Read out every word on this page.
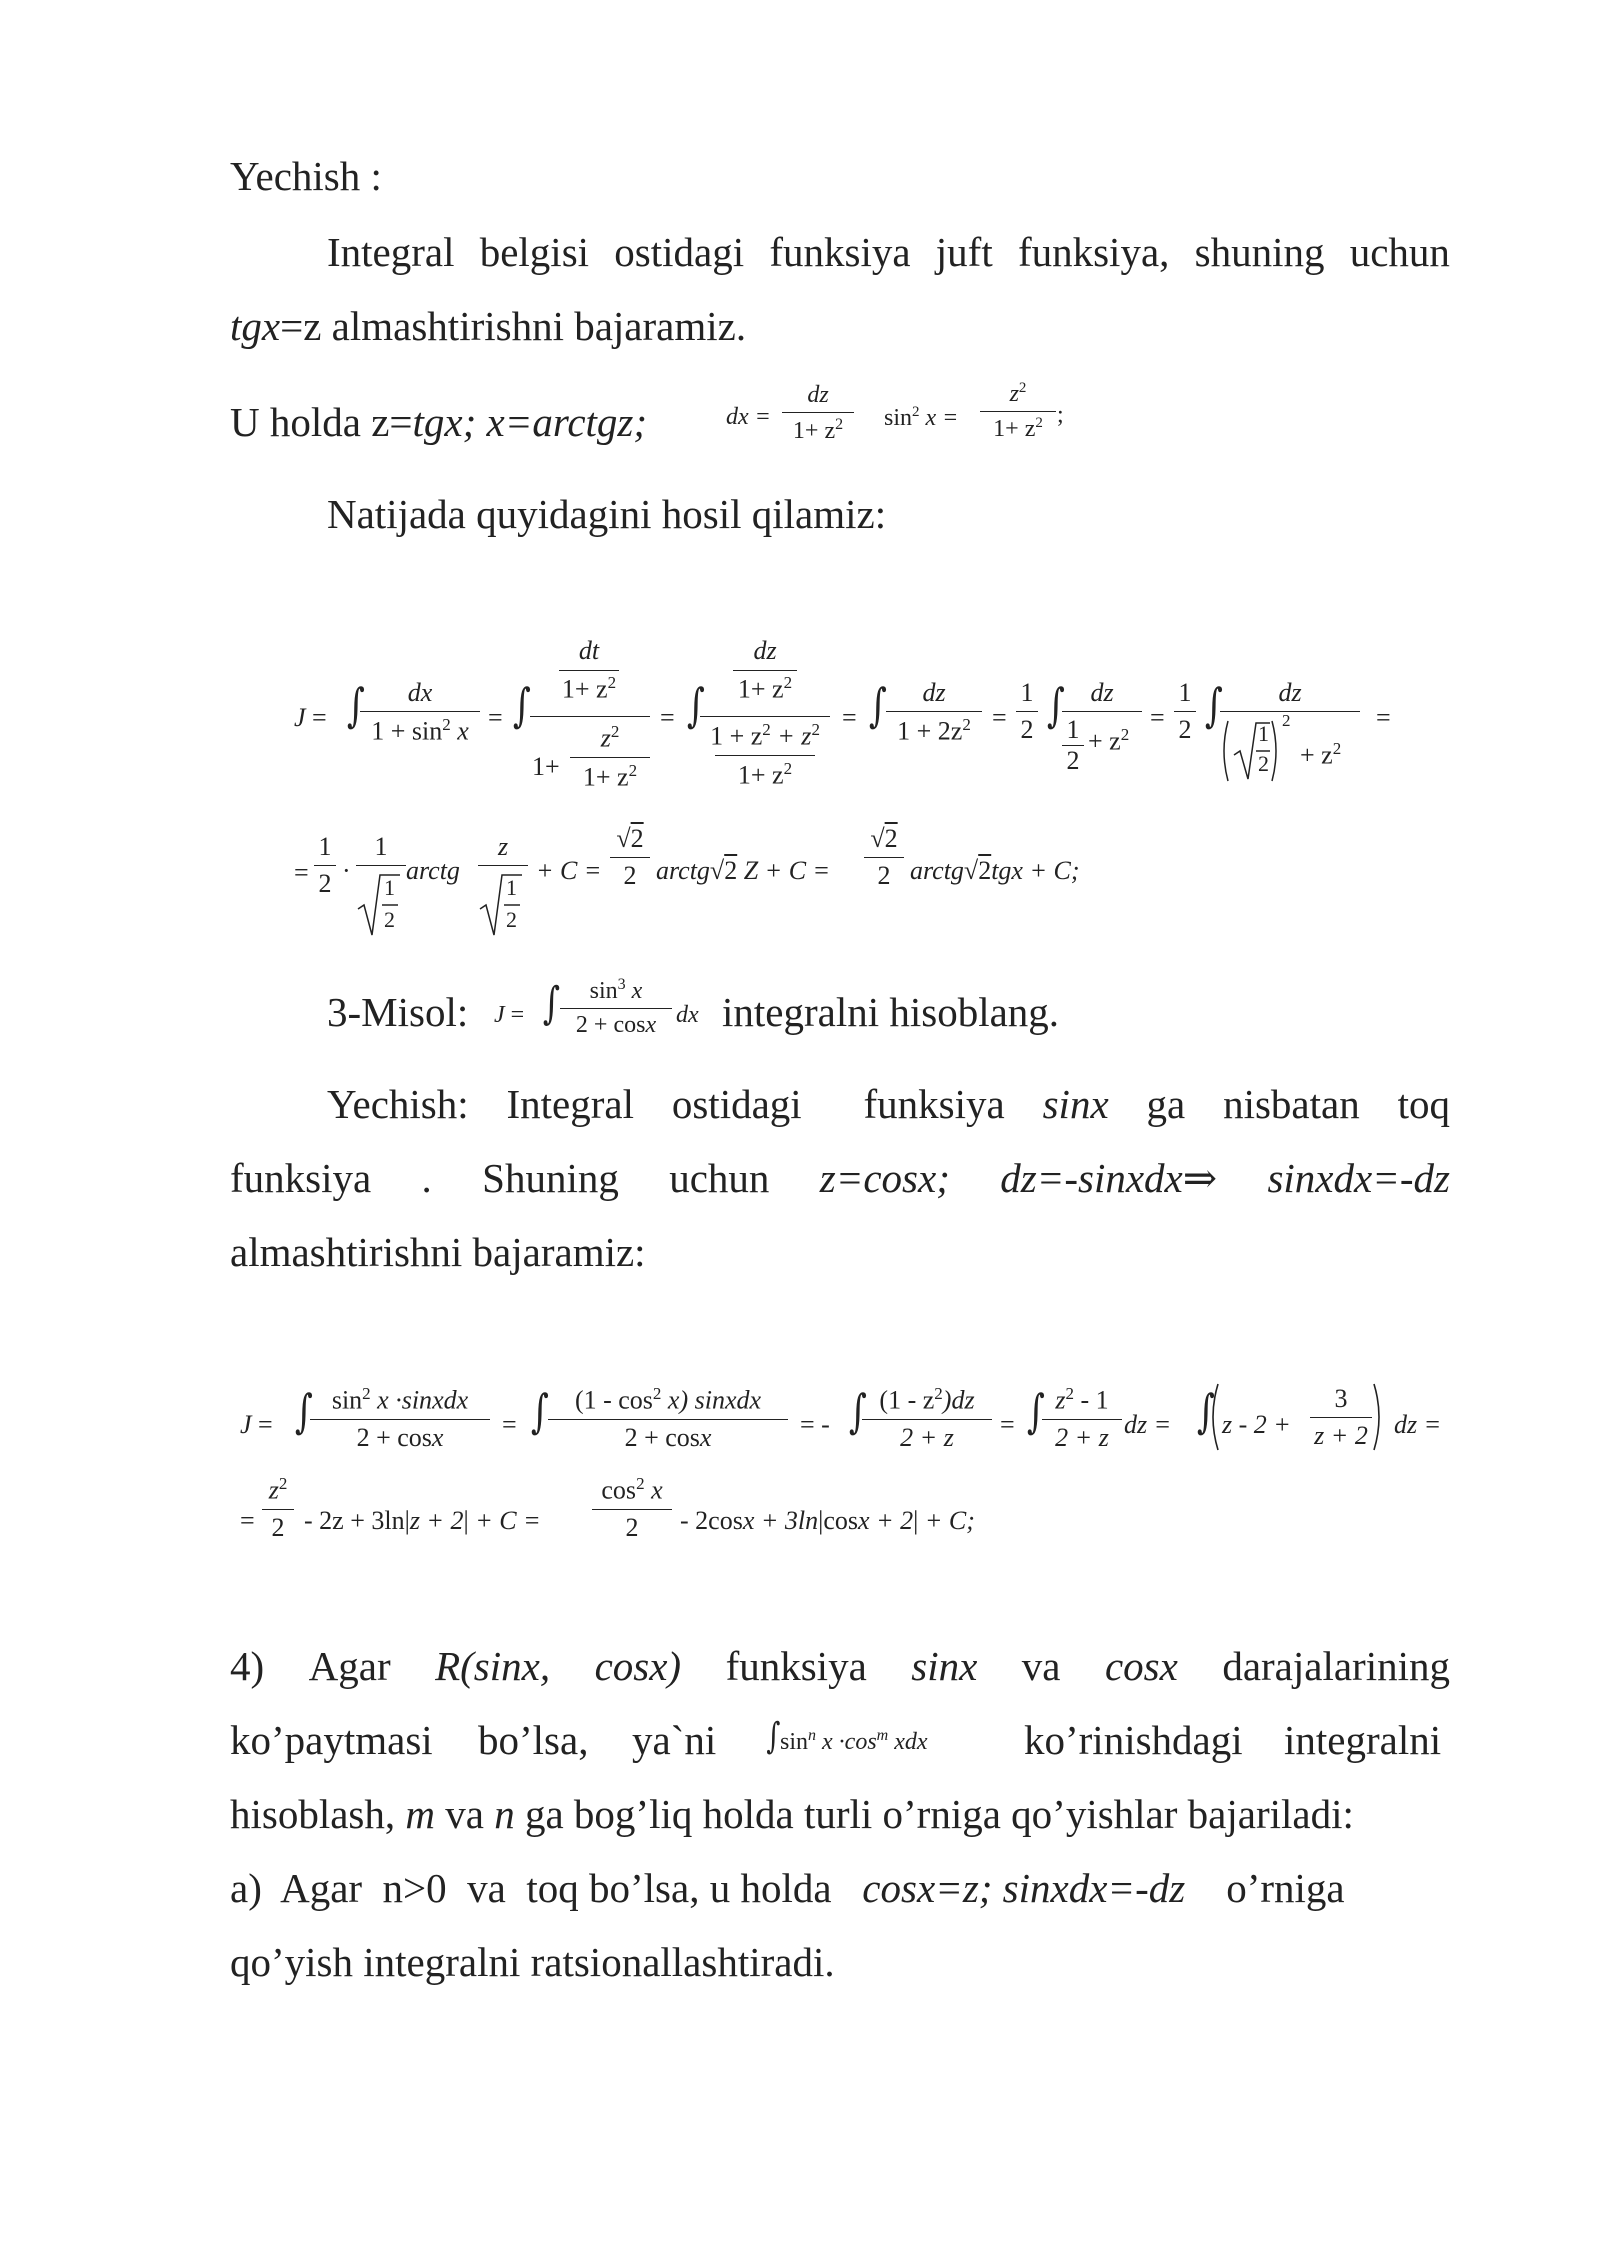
Yechish :
Integral belgisi ostidagi funksiya juft funksiya, shuning uchun
tgx=z almashtirishni bajaramiz.
U holda z=tgx; x=arctgz;	dx =
dz
$1+ z^2$	$\sin^2 x$ =
$z^2$
$1+ z^2$ ;
Natijada quyidagini hosil qilamiz:
J = ∫	dx
$1 + \sin^2 x$ = ∫
dt
$1+ z^2$
1+
$z^2$
$1+ z^2$
= ∫
dz
$1+ z^2$
$1 + z^2 + z^2$
$1+ z^2$
= ∫	dz
$1 + 2z^2$ =
1
2 ∫ dz
1
2
+ $z^2$
=
1
2 ∫	dz
1
2
2
+ $z^2$
=
=
1
2 ·
1
1
2
arctg
z
1
2
+ C =
√2
2 arctg√2 Z + C =
√2
2 arctg√2tgx + C;
3-Misol: J = ∫	$\sin^3 x$
2 + cosx dx integralni hisoblang.
Yechish: Integral ostidagi funksiya sinx ga nisbatan toq
funksiya . Shuning uchun z=cosx; dz=-sinxdx⇒ sinxdx=-dz
almashtirishni bajaramiz:
J = ∫ $\sin^2 x$ ·sinxdx
2 + cosx	= ∫ $(1 - \cos^2 x)$ sinxdx
2 + cosx	= - ∫ $(1 - z^2)dz$
2 + z	= ∫ $z^2 - 1$
2 + z dz = ∫ z - 2 +
3
z + 2 dz =
=
$z^2$
2 - 2z + 3ln|z + 2| + C =
$\cos^2 x$
2	- 2cosx + 3ln|cosx + 2| + C;
4) Agar R(sinx, cosx) funksiya sinx va cosx darajalarining
ko’paytmasi bo’lsa, ya`ni ∫ $\sin^n x \cdot\cos^m$ xdx ko’rinishdagi integralni
hisoblash, m va n ga bog’liq holda turli o’rniga qo’yishlar bajariladi:
a)  Agar  n>0  va  toq bo’lsa, u holda   cosx=z; sinxdx=-dz    o’rniga
qo’yish integralni ratsionallashtiradi.
